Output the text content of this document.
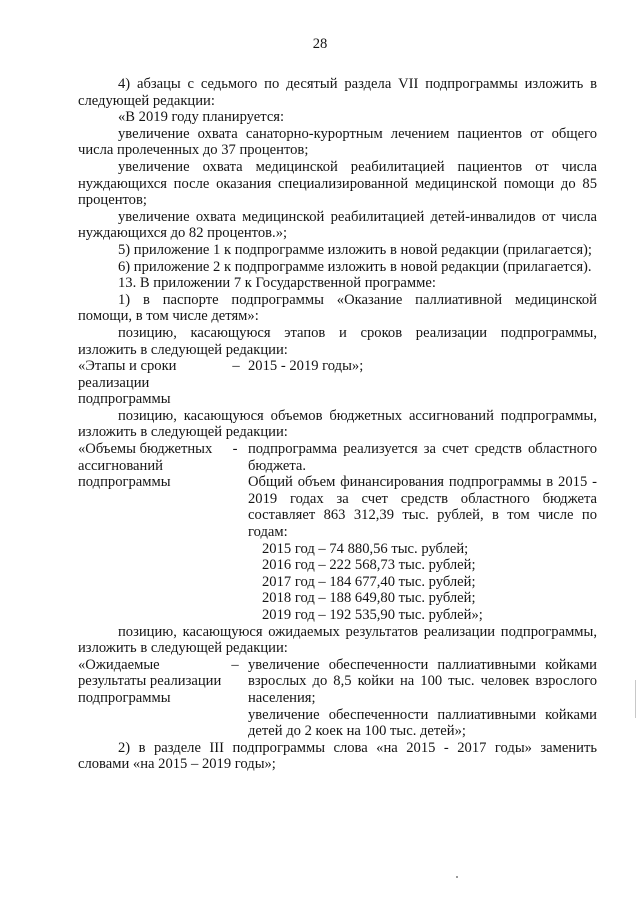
28

4) абзацы с седьмого по десятый раздела VII подпрограммы изложить в следующей редакции:

«В 2019 году планируется:

увеличение охвата санаторно-курортным лечением пациентов от общего числа пролеченных до 37 процентов;

увеличение охвата медицинской реабилитацией пациентов от числа нуждающихся после оказания специализированной медицинской помощи до 85 процентов;

увеличение охвата медицинской реабилитацией детей-инвалидов от числа нуждающихся до 82 процентов.»;

5) приложение 1 к подпрограмме изложить в новой редакции (прилагается);

6) приложение 2 к подпрограмме изложить в новой редакции (прилагается).

13. В приложении 7 к Государственной программе:

1) в паспорте подпрограммы «Оказание паллиативной медицинской помощи, в том числе детям»:

позицию, касающуюся этапов и сроков реализации подпрограммы, изложить в следующей редакции:

«Этапы и сроки реализации подпрограммы
– 2015 - 2019 годы»;

позицию, касающуюся объемов бюджетных ассигнований подпрограммы, изложить в следующей редакции:

«Объемы бюджетных ассигнований подпрограммы
- подпрограмма реализуется за счет средств областного бюджета.

Общий объем финансирования подпрограммы в 2015 - 2019 годах за счет средств областного бюджета составляет 863 312,39 тыс. рублей, в том числе по годам:

2015 год – 74 880,56 тыс. рублей;

2016 год – 222 568,73 тыс. рублей;

2017 год – 184 677,40 тыс. рублей;

2018 год – 188 649,80 тыс. рублей;

2019 год – 192 535,90 тыс. рублей»;

позицию, касающуюся ожидаемых результатов реализации подпрограммы, изложить в следующей редакции:

«Ожидаемые результаты реализации подпрограммы
– увеличение обеспеченности паллиативными койками взрослых до 8,5 койки на 100 тыс. человек взрослого населения;

увеличение обеспеченности паллиативными койками детей до 2 коек на 100 тыс. детей»;

2) в разделе III подпрограммы слова «на 2015 - 2017 годы» заменить словами «на 2015 – 2019 годы»;
